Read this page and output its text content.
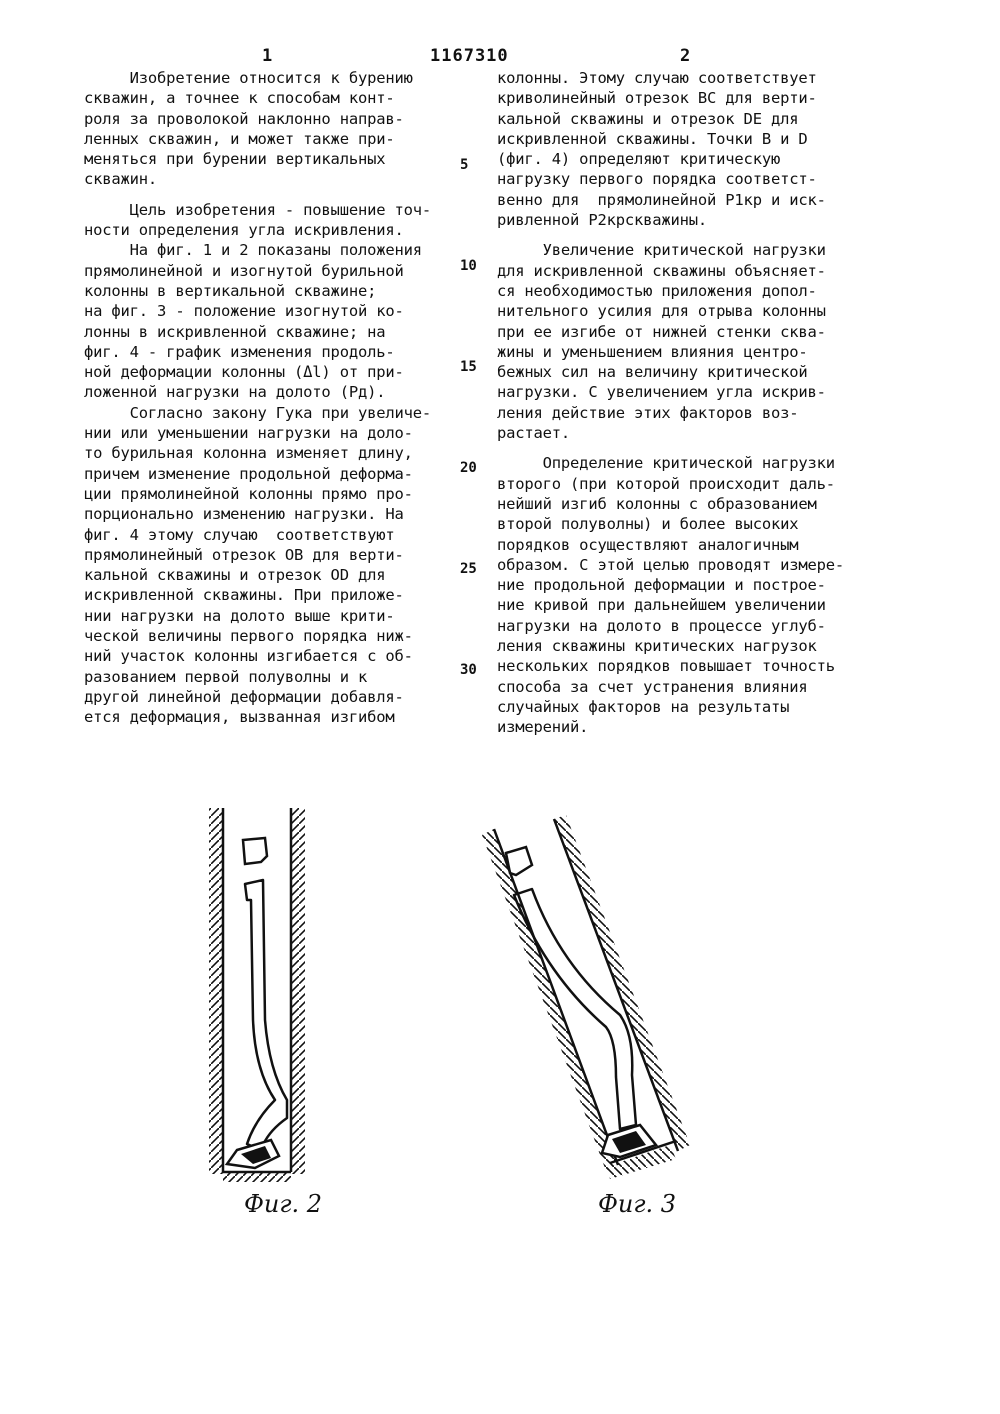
1	1167310	2

Изобретение относится к бурению
скважин, а точнее к способам конт-
роля за проволокой наклонно направ-
ленных скважин, и может также при-
меняться при бурении вертикальных
скважин.

Цель изобретения - повышение точ-
ности определения угла искривления.

На фиг. 1 и 2 показаны положения
прямолинейной и изогнутой бурильной
колонны в вертикальной скважине;
на фиг. 3 - положение изогнутой ко-
лонны в искривленной скважине; на
фиг. 4 - график изменения продоль-
ной деформации колонны (Δl) от при-
ложенной нагрузки на долото (Pд).

Согласно закону Гука при увеличе-
нии или уменьшении нагрузки на доло-
то бурильная колонна изменяет длину,
причем изменение продольной деформа-
ции прямолинейной колонны прямо про-
порционально изменению нагрузки. На
фиг. 4 этому случаю  соответствуют
прямолинейный отрезок OB для верти-
кальной скважины и отрезок OD для
искривленной скважины. При приложе-
нии нагрузки на долото выше крити-
ческой величины первого порядка ниж-
ний участок колонны изгибается с об-
разованием первой полуволны и к
другой линейной деформации добавля-
ется деформация, вызванная изгибом

5
10
15
20
25
30

колонны. Этому случаю соответствует
криволинейный отрезок BC для верти-
кальной скважины и отрезок DE для
искривленной скважины. Точки B и D
(фиг. 4) определяют критическую
нагрузку первого порядка соответст-
венно для  прямолинейной P1кр и иск-
ривленной P2крскважины.

Увеличение критической нагрузки
для искривленной скважины объясняет-
ся необходимостью приложения допол-
нительного усилия для отрыва колонны
при ее изгибе от нижней стенки сква-
жины и уменьшением влияния центро-
бежных сил на величину критической
нагрузки. С увеличением угла искрив-
ления действие этих факторов воз-
растает.

Определение критической нагрузки
второго (при которой происходит даль-
нейший изгиб колонны с образованием
второй полуволны) и более высоких
порядков осуществляют аналогичным
образом. С этой целью проводят измере-
ние продольной деформации и построе-
ние кривой при дальнейшем увеличении
нагрузки на долото в процессе углуб-
ления скважины критических нагрузок
нескольких порядков повышает точность
способа за счет устранения влияния
случайных факторов на результаты
измерений.

Фиг. 2	Фиг. 3
